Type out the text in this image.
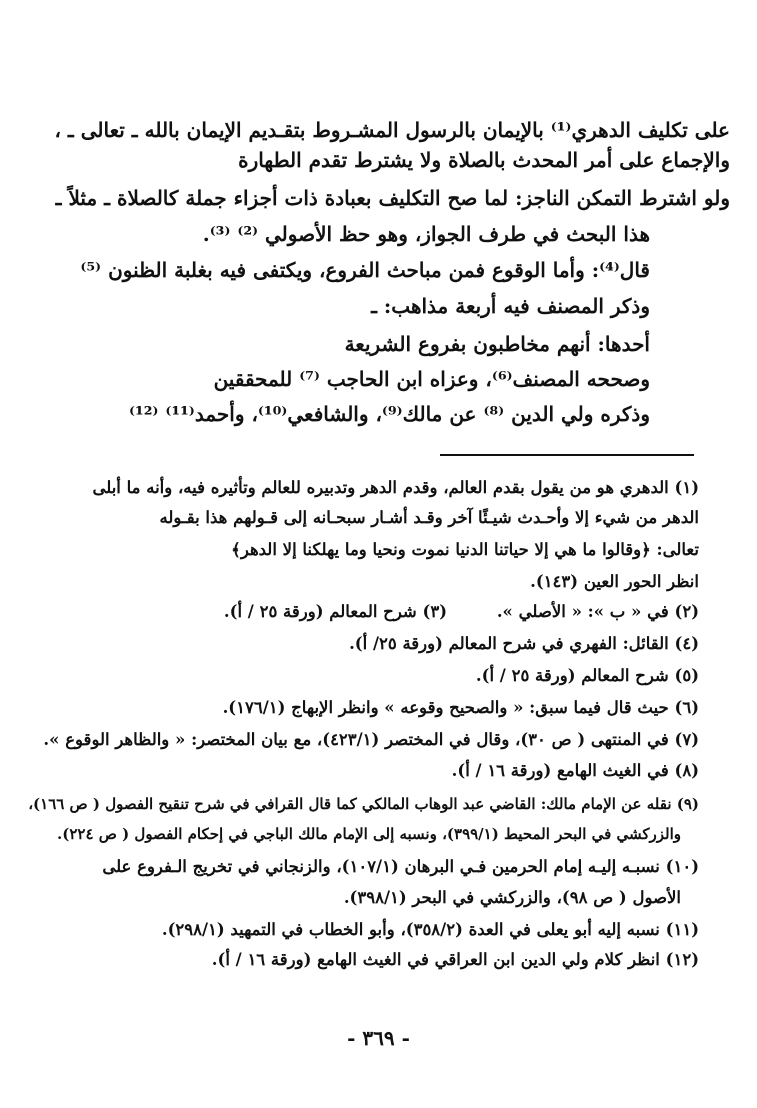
على تكليف الدهري⁽¹⁾ بالإيمان بالرسول المشـروط بتقـديم الإيمان بالله ـ تعالى ـ ،
والإجماع على أمر المحدث بالصلاة ولا يشترط تقدم الطهارة
ولو اشترط التمكن الناجز: لما صح التكليف بعبادة ذات أجزاء جملة كالصلاة ـ مثلاً ـ
هذا البحث في طرف الجواز، وهو حظ الأصولي ⁽²⁾ ⁽³⁾.
قال⁽⁴⁾: وأما الوقوع فمن مباحث الفروع، ويكتفى فيه بغلبة الظنون ⁽⁵⁾
وذكر المصنف فيه أربعة مذاهب: ـ
أحدها: أنهم مخاطبون بفروع الشريعة
وصححه المصنف⁽⁶⁾، وعزاه ابن الحاجب ⁽⁷⁾ للمحققين
وذكره ولي الدين ⁽⁸⁾ عن مالك⁽⁹⁾، والشافعي⁽¹⁰⁾، وأحمد⁽¹¹⁾ ⁽¹²⁾
(١) الدهري هو من يقول بقدم العالم، وقدم الدهر وتدبيره للعالم وتأثيره فيه، وأنه ما أبلى
الدهر من شيء إلا وأحـدث شيـئًا آخر وقـد أشـار سبحـانه إلى قـولهم هذا بقـوله
تعالى: ﴿وقالوا ما هي إلا حياتنا الدنيا نموت ونحيا وما يهلكنا إلا الدهر﴾
انظر الحور العين (١٤٣).
(٢) في « ب »: « الأصلي ».
(٣) شرح المعالم (ورقة ٢٥ / أ).
(٤) القائل: الفهري في شرح المعالم (ورقة ٢٥/ أ).
(٥) شرح المعالم (ورقة ٢٥ / أ).
(٦) حيث قال فيما سبق: « والصحيح وقوعه » وانظر الإبهاج (١٧٦/١).
(٧) في المنتهى ( ص ٣٠)، وقال في المختصر (٤٢٣/١)، مع بيان المختصر: « والظاهر الوقوع ».
(٨) في الغيث الهامع (ورقة ١٦ / أ).
(٩) نقله عن الإمام مالك: القاضي عبد الوهاب المالكي كما قال القرافي في شرح تنقيح الفصول ( ص ١٦٦)،
والزركشي في البحر المحيط (٣٩٩/١)، ونسبه إلى الإمام مالك الباجي في إحكام الفصول ( ص ٢٢٤).
(١٠) نسبـه إليـه إمام الحرمين فـي البرهان (١٠٧/١)، والزنجاني في تخريج الـفروع على
الأصول ( ص ٩٨)، والزركشي في البحر (٣٩٨/١).
(١١) نسبه إليه أبو يعلى في العدة (٣٥٨/٢)، وأبو الخطاب في التمهيد (٢٩٨/١).
(١٢) انظر كلام ولي الدين ابن العراقي في الغيث الهامع (ورقة ١٦ / أ).
- ٣٦٩ -
